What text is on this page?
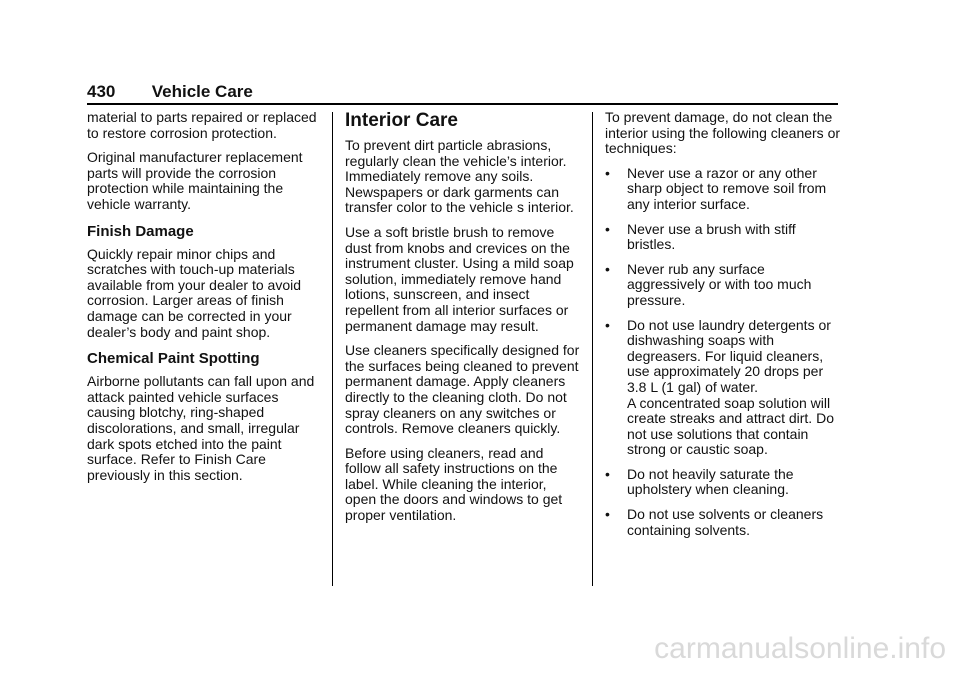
430 Vehicle Care

material to parts repaired or replaced to restore corrosion protection.

Original manufacturer replacement parts will provide the corrosion protection while maintaining the vehicle warranty.

Finish Damage

Quickly repair minor chips and scratches with touch-up materials available from your dealer to avoid corrosion. Larger areas of finish damage can be corrected in your dealer’s body and paint shop.

Chemical Paint Spotting

Airborne pollutants can fall upon and attack painted vehicle surfaces causing blotchy, ring-shaped discolorations, and small, irregular dark spots etched into the paint surface. Refer to Finish Care previously in this section.

Interior Care

To prevent dirt particle abrasions, regularly clean the vehicle’s interior. Immediately remove any soils. Newspapers or dark garments can transfer color to the vehicle s interior.

Use a soft bristle brush to remove dust from knobs and crevices on the instrument cluster. Using a mild soap solution, immediately remove hand lotions, sunscreen, and insect repellent from all interior surfaces or permanent damage may result.

Use cleaners specifically designed for the surfaces being cleaned to prevent permanent damage. Apply cleaners directly to the cleaning cloth. Do not spray cleaners on any switches or controls. Remove cleaners quickly.

Before using cleaners, read and follow all safety instructions on the label. While cleaning the interior, open the doors and windows to get proper ventilation.

To prevent damage, do not clean the interior using the following cleaners or techniques:

• Never use a razor or any other sharp object to remove soil from any interior surface.
• Never use a brush with stiff bristles.
• Never rub any surface aggressively or with too much pressure.
• Do not use laundry detergents or dishwashing soaps with degreasers. For liquid cleaners, use approximately 20 drops per 3.8 L (1 gal) of water.
A concentrated soap solution will create streaks and attract dirt. Do not use solutions that contain strong or caustic soap.
• Do not heavily saturate the upholstery when cleaning.
• Do not use solvents or cleaners containing solvents.
carmanualsonline.info
